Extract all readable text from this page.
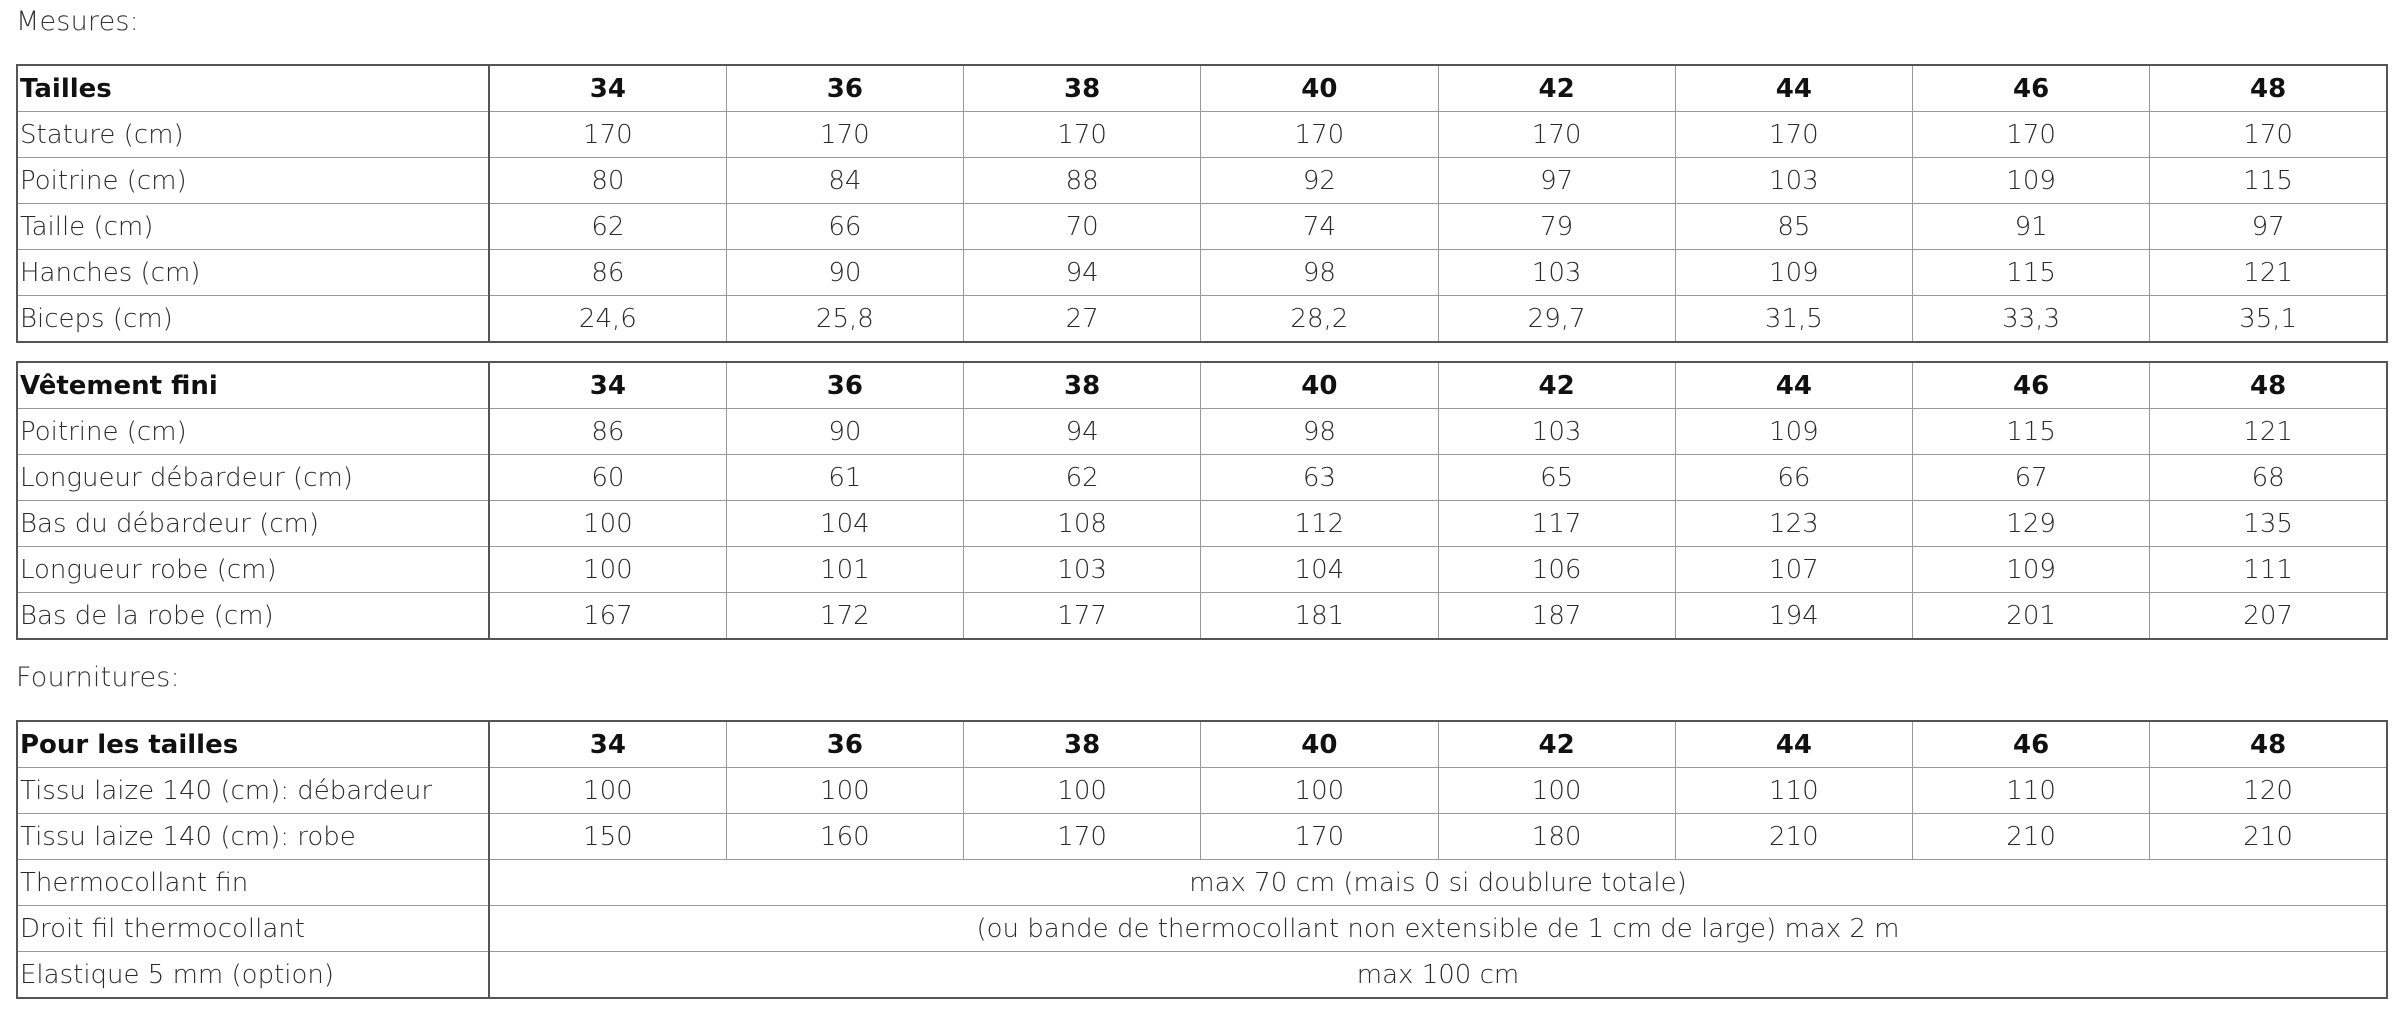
Mesures:
Tailles	34	36	38	40	42	44	46	48
Stature (cm)	170	170	170	170	170	170	170	170
Poitrine (cm)	80	84	88	92	97	103	109	115
Taille (cm)	62	66	70	74	79	85	91	97
Hanches (cm)	86	90	94	98	103	109	115	121
Biceps (cm)	24,6	25,8	27	28,2	29,7	31,5	33,3	35,1
Vêtement fini	34	36	38	40	42	44	46	48
Poitrine (cm)	86	90	94	98	103	109	115	121
Longueur débardeur (cm)	60	61	62	63	65	66	67	68
Bas du débardeur (cm)	100	104	108	112	117	123	129	135
Longueur robe (cm)	100	101	103	104	106	107	109	111
Bas de la robe (cm)	167	172	177	181	187	194	201	207
Fournitures:
Pour les tailles	34	36	38	40	42	44	46	48
Tissu laize 140 (cm): débardeur	100	100	100	100	100	110	110	120
Tissu laize 140 (cm): robe	150	160	170	170	180	210	210	210
Thermocollant fin	max 70 cm (mais 0 si doublure totale)							
Droit fil thermocollant	(ou bande de thermocollant non extensible de 1 cm de large) max 2 m							
Elastique 5 mm (option)	max 100 cm							
